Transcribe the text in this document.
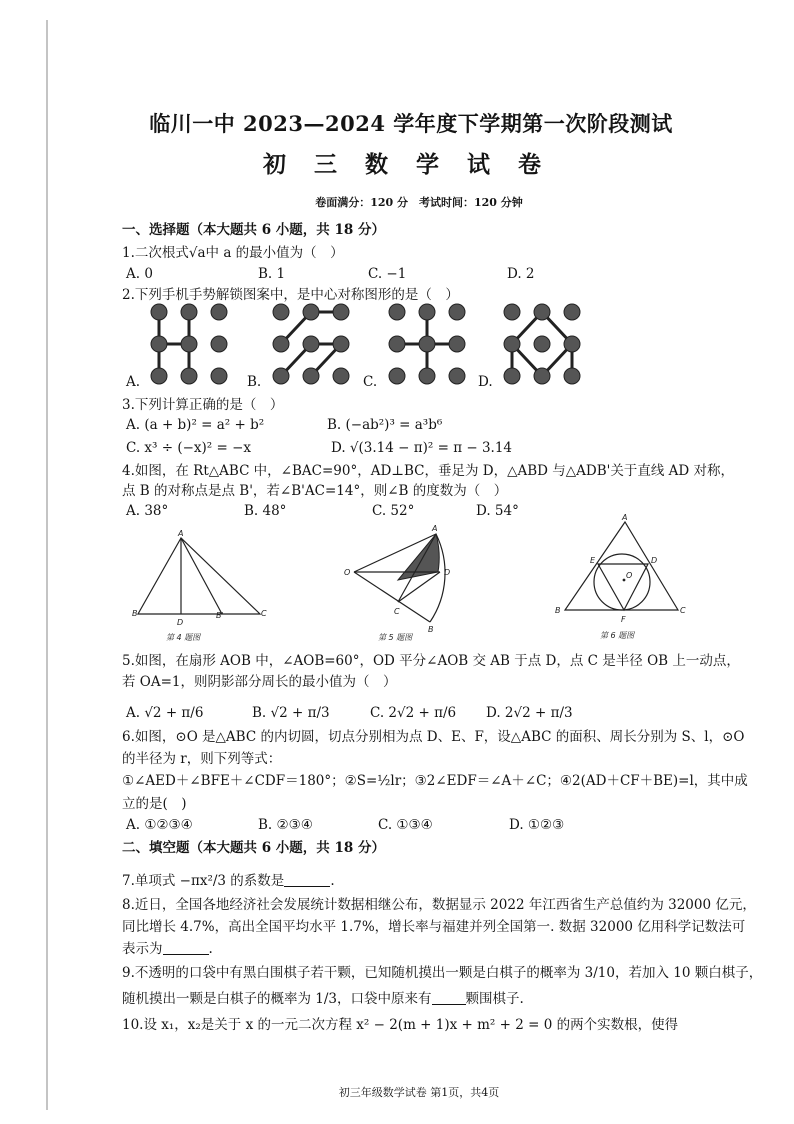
临川一中 2023—2024 学年度下学期第一次阶段测试
初 三 数 学 试 卷
卷面满分：120 分　考试时间：120 分钟
一、选择题（本大题共 6 小题，共 18 分）
1.二次根式√a中 a 的最小值为（　）
A. 0	B. 1	C. −1	D. 2
2.下列手机手势解锁图案中，是中心对称图形的是（　）
A.	B.	C.	D.
3.下列计算正确的是（　）
A. (a + b)² = a² + b²	B. (−ab²)³ = a³b⁶
C. x³ ÷ (−x)² = −x	D. √(3.14 − π)² = π − 3.14
4.如图，在 Rt△ABC 中，∠BAC=90°，AD⊥BC，垂足为 D，△ABD 与△ADB'关于直线 AD 对称，
点 B 的对称点是点 B'，若∠B'AC=14°，则∠B 的度数为（　）
A. 38°	B. 48°	C. 52°	D. 54°
A
B
D
B'	C
第 4 题图
A
O	D
C
B
第 5 题图
A
E	D
O
B
F
C
第 6 题图
5.如图，在扇形 AOB 中，∠AOB=60°，OD 平分∠AOB 交 AB 于点 D，点 C 是半径 OB 上一动点，
若 OA=1，则阴影部分周长的最小值为（　）
A. √2 + π/6	B. √2 + π/3	C. 2√2 + π/6 D. 2√2 + π/3
6.如图，⊙O 是△ABC 的内切圆，切点分别相为点 D、E、F，设△ABC 的面积、周长分别为 S、l，⊙O
的半径为 r，则下列等式：
①∠AED＋∠BFE＋∠CDF＝180°；②S=½lr；③2∠EDF＝∠A＋∠C；④2(AD＋CF＋BE)=l，其中成
立的是(　)
A. ①②③④	B. ②③④	C. ①③④	D. ①②③
二、填空题（本大题共 6 小题，共 18 分）
7.单项式 −πx²/3 的系数是	.
8.近日，全国各地经济社会发展统计数据相继公布，数据显示 2022 年江西省生产总值约为 32000 亿元，
同比增长 4.7%，高出全国平均水平 1.7%，增长率与福建并列全国第一. 数据 32000 亿用科学记数法可
表示为	.
9.不透明的口袋中有黑白围棋子若干颗，已知随机摸出一颗是白棋子的概率为 3/10，若加入 10 颗白棋子，
随机摸出一颗是白棋子的概率为 1/3，口袋中原来有	颗围棋子.
10.设 x₁，x₂是关于 x 的一元二次方程 x² − 2(m + 1)x + m² + 2 = 0 的两个实数根，使得
初三年级数学试卷 第1页，共4页
